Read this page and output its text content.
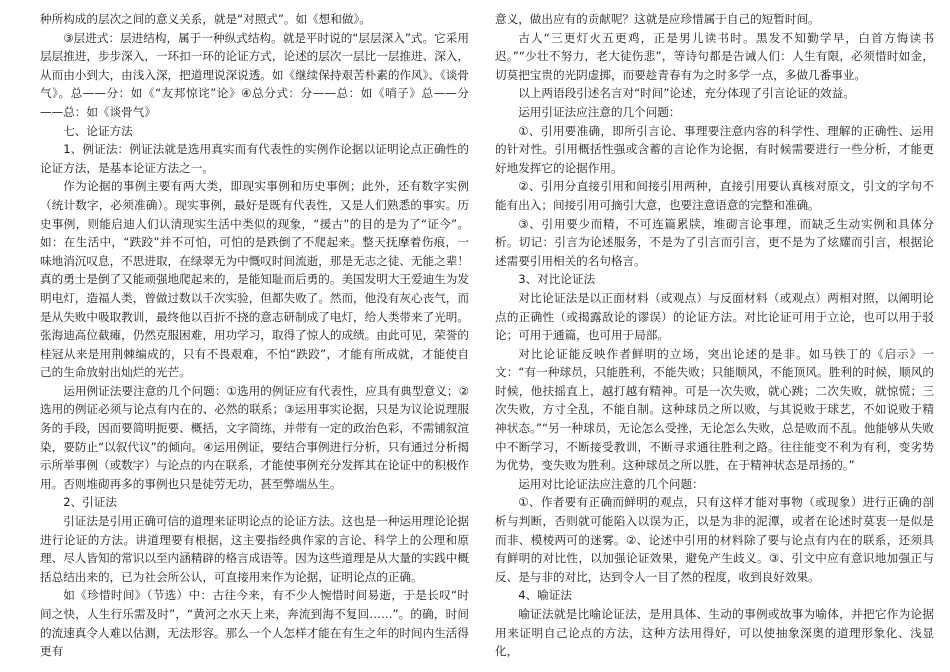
种所构成的层次之间的意义关系，就是“对照式”。如《想和做》。

③层进式：层进结构，属于一种纵式结构。就是平时说的“层层深入”式。它采用层层推进，步步深入，一环扣一环的论证方式，论述的层次一层比一层推进、深入，从而由小到大，由浅入深，把道理说深说透。如《继续保持艰苦朴素的作风》、《谈骨气》。总——分：如《“友邦惊诧”论》④总分式：分——总：如《哨子》总——分——总：如《谈骨气》

七、论证方法

1、例证法：例证法就是选用真实而有代表性的实例作论据以证明论点正确性的论证方法，是基本论证方法之一。

作为论据的事例主要有两大类，即现实事例和历史事例；此外，还有数字实例（统计数字，必须准确）。现实事例，最好是既有代表性，又是人们熟悉的事实。历史事例，则能启迪人们认清现实生活中类似的现象，“援古”的目的是为了“证今”。如：在生活中，“跌跤”并不可怕，可怕的是跌倒了不爬起来。整天抚摩着伤痕，一味地消沉叹息，不思进取，在绿翠无为中慨叹时间流逝，那是无志之徒、无能之辈！真的勇士是倒了又能顽强地爬起来的，是能知耻而后勇的。美国发明大王爱迪生为发明电灯，造福人类，曾做过数以千次实验，但都失败了。然而，他没有灰心丧气，而是从失败中吸取教训，最终他以百折不挠的意志研制成了电灯，给人类带来了光明。张海迪高位截瘫，仍然克服困难，用功学习，取得了惊人的成绩。由此可见，荣誉的桂冠从来是用荆棘编成的，只有不畏艰难，不怕“跌跤”，才能有所成就，才能使自己的生命放射出灿烂的光芒。

运用例证法要注意的几个问题：①选用的例证应有代表性，应具有典型意义；②选用的例证必须与论点有内在的、必然的联系；③运用事实论据，只是为议论说理服务的手段，因而要简明扼要、概括，文字简练，并带有一定的政治色彩，不需铺叙渲染，要防止“以叙代议”的倾向。④运用例证，要结合事例进行分析，只有通过分析揭示所举事例（或数字）与论点的内在联系，才能使事例充分发挥其在论证中的积极作用。否则堆砌再多的事例也只是徒劳无功，甚至弊端丛生。

2、引证法

引证法是引用正确可信的道理来证明论点的论证方法。这也是一种运用理论论据进行论证的方法。讲道理要有根据，这主要指经典作家的言论、科学上的公理和原理、尽人皆知的常识以至内涵精辟的格言成语等。因为这些道理是从大量的实践中概括总结出来的，已为社会所公认，可直接用来作为论据，证明论点的正确。

如《珍惜时间》（节选）中：古往今来，有不少人惋惜时间易逝，于是长叹“时间之快，人生行乐需及时”，“黄河之水天上来，奔流到海不复回……”。的确，时间的流速真令人难以估测，无法形容。那么一个人怎样才能在有生之年的时间内生活得更有

意义，做出应有的贡献呢？这就是应珍惜属于自己的短暂时间。

古人“三更灯火五更鸡，正是男儿读书时。黑发不知勤学早，白首方悔读书迟。”“少壮不努力，老大徒伤悲”，等诗句都是告诫人们：人生有限，必须惜时如金，切莫把宝贵的光阴虚掷，而要趁青春有为之时多学一点，多做几番事业。

以上两语段引述名言对“时间”论述，充分体现了引言论证的效益。

运用引证法应注意的几个问题：

①、引用要准确，即所引言论、事理要注意内容的科学性、理解的正确性、运用的针对性。引用概括性强或含蓄的言论作为论据，有时候需要进行一些分析，才能更好地发挥它的论据作用。

②、引用分直接引用和间接引用两种，直接引用要认真核对原文，引文的字句不能有出入；间接引用可摘引大意，也要注意语意的完整和准确。

③、引用要少而精，不可连篇累牍，堆砌言论事理，而缺乏生动实例和具体分析。切记：引言为论述服务，不是为了引言而引言，更不是为了炫耀而引言，根据论述需要引用相关的名句格言。

3、对比论证法

对比论证法是以正面材料（或观点）与反面材料（或观点）两相对照，以阐明论点的正确性（或揭露敌论的谬误）的论证方法。对比论证可用于立论，也可以用于驳论；可用于通篇，也可用于局部。

对比论证能反映作者鲜明的立场，突出论述的是非。如马铁丁的《启示》一文：“有一种球员，只能胜利，不能失败；只能顺风，不能顶风。胜利的时候，顺风的时候，他扶摇直上，越打越有精神。可是一次失败，就心跳；二次失败，就惊慌；三次失败，方寸全乱，不能自制。这种球员之所以败，与其说败于球艺，不如说败于精神状态。”“另一种球员，无论怎么受挫，无论怎么失败，总是败而不乱。他能够从失败中不断学习，不断接受教训，不断寻求通往胜利之路。往往能变不利为有利，变劣势为优势，变失败为胜利。这种球员之所以胜，在于精神状态是昂扬的。”

运用对比论证法应注意的几个问题：

①、作者要有正确而鲜明的观点，只有这样才能对事物（或现象）进行正确的剖析与判断，否则就可能陷入以误为正，以是为非的泥潭，或者在论述时莫衷一是似是而非、模棱两可的迷雾。②、论述中引用的材料除了要与论点有内在的联系，还须具有鲜明的对比性，以加强论证效果，避免产生歧义。③、引文中应有意识地加强正与反、是与非的对比，达到令人一目了然的程度，收到良好效果。

4、喻证法

喻证法就是比喻论证法，是用具体、生动的事例或故事为喻体，并把它作为论据用来证明自己论点的方法，这种方法用得好，可以使抽象深奥的道理形象化、浅显化，
